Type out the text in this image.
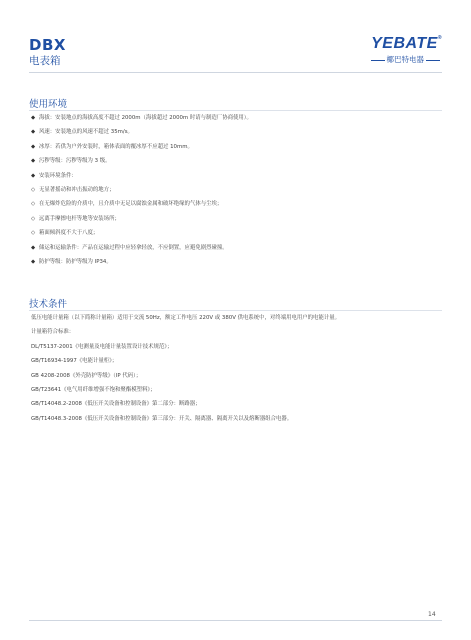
DBX
电表箱
YEBATE®
椰巴特电器
使用环境
◆ 海拔：安装地点的海拔高度不超过 2000m（海拔超过 2000m 时请与制造厂协商使用）。
◆ 风速：安装地点的风速不超过 35m/s。
◆ 冰厚：若供为户外安装时，箱体表面的覆冰厚不应超过 10mm。
◆ 污秽等级：污秽等级为 3 级。
◆ 安装环境条件：
◇ 无显著摇动和冲击振动的地方；
◇ 在无爆炸危险的介质中，且介质中无足以腐蚀金属和破坏绝缘的气体与尘埃；
◇ 远离手摩擦电杆等地等安装场所；
◇ 箱面倾斜度不大于八度；
◆ 储运和运输条件：产品在运输过程中应轻拿轻放，不应倒置，应避免剧烈碰撞。
◆ 防护等级：防护等级为 IP34。
技术条件
低压电能计量箱（以下简称计量箱）适用于交流 50Hz，额定工作电压 220V 或 380V 供电系统中，对终端用电用户的电能计量。
计量箱符合标准：
DL/T5137-2001《电测量及电能计量装置设计技术规范》；
GB/T16934-1997《电能计量柜》；
GB 4208-2008《外壳防护等级》（IP 代码）；
GB/T23641《电气用纤维增强不饱和聚酯模塑料》；
GB/T14048.2-2008《低压开关设备和控制设备》第二部分：断路器；
GB/T14048.3-2008《低压开关设备和控制设备》第三部分：开关、隔离器、隔离开关以及熔断器组合电器。
14
